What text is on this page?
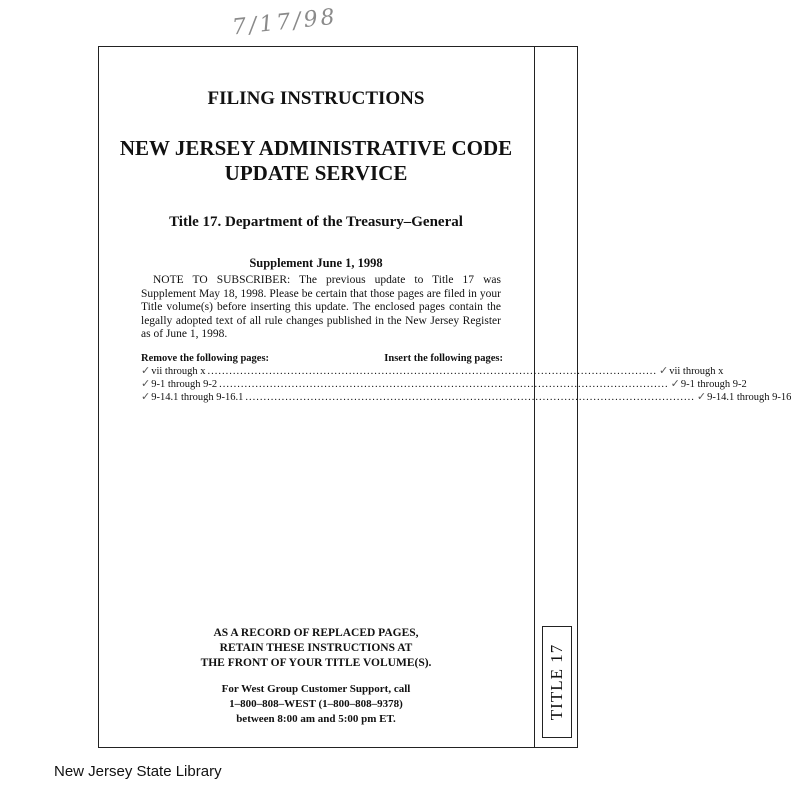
7/17/98
TITLE 17
FILING INSTRUCTIONS
NEW JERSEY ADMINISTRATIVE CODE
UPDATE SERVICE
Title 17. Department of the Treasury–General
Supplement June 1, 1998
NOTE TO SUBSCRIBER: The previous update to Title 17 was Supplement May 18, 1998. Please be certain that those pages are filed in your Title volume(s) before inserting this update. The enclosed pages contain the legally adopted text of all rule changes published in the New Jersey Register as of June 1, 1998.
Remove the following pages:	Insert the following pages:
✓ vii through x ............................................................................................................................ ✓ vii through x
✓ 9-1 through 9-2 ............................................................................................................................ ✓ 9-1 through 9-2
✓ 9-14.1 through 9-16.1 ............................................................................................................................ ✓ 9-14.1 through 9-16
AS A RECORD OF REPLACED PAGES,
RETAIN THESE INSTRUCTIONS AT
THE FRONT OF YOUR TITLE VOLUME(S).
For West Group Customer Support, call
1–800–808–WEST (1–800–808–9378)
between 8:00 am and 5:00 pm ET.
New Jersey State Library
